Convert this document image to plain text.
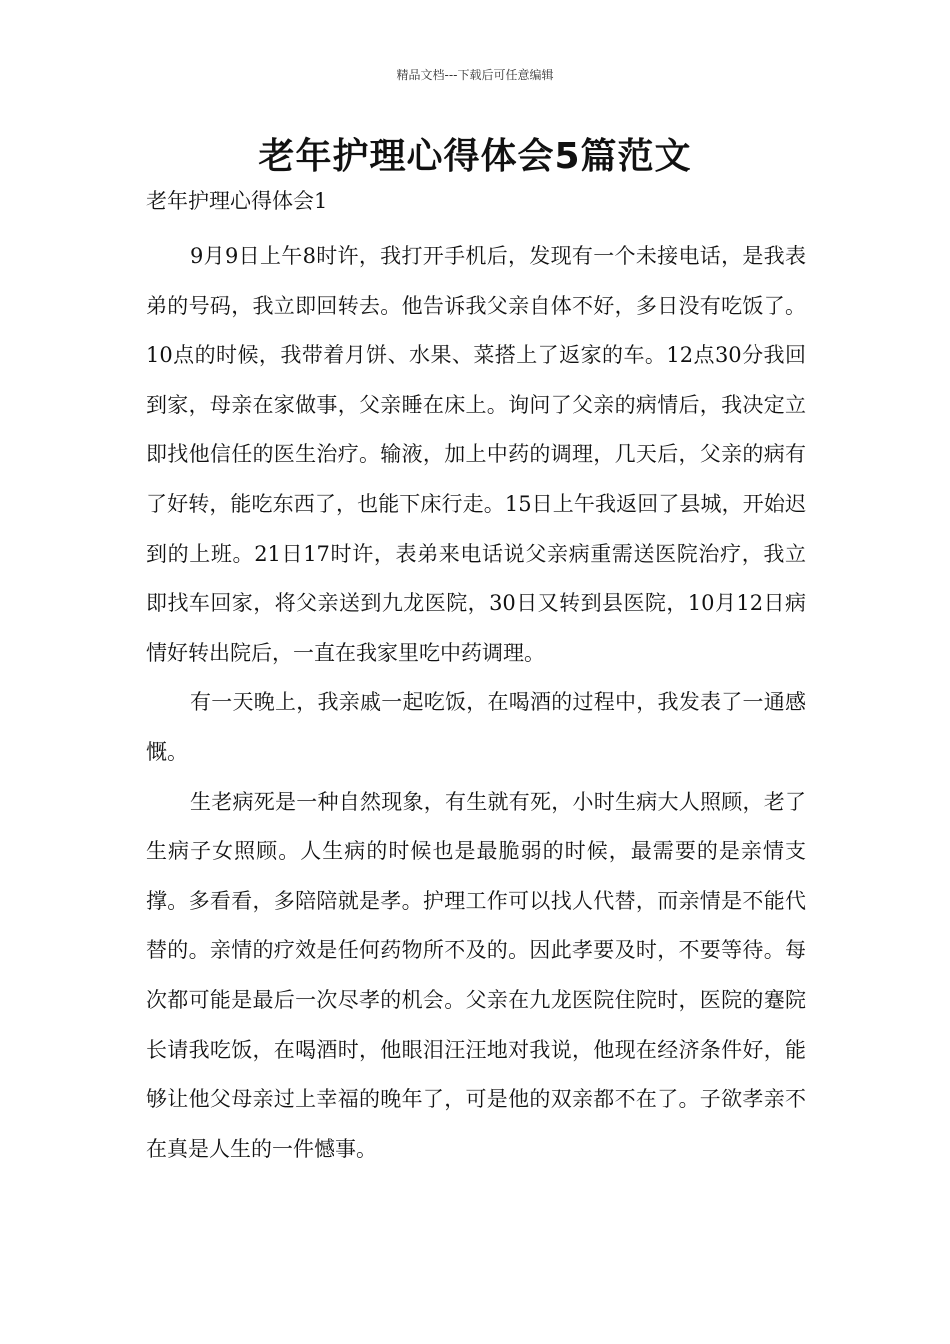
精品文档---下载后可任意编辑
老年护理心得体会5篇范文
老年护理心得体会1

9月9日上午8时许，我打开手机后，发现有一个未接电话，是我表弟的号码，我立即回转去。他告诉我父亲自体不好，多日没有吃饭了。10点的时候，我带着月饼、水果、菜搭上了返家的车。12点30分我回到家，母亲在家做事，父亲睡在床上。询问了父亲的病情后，我决定立即找他信任的医生治疗。输液，加上中药的调理，几天后，父亲的病有了好转，能吃东西了，也能下床行走。15日上午我返回了县城，开始迟到的上班。21日17时许，表弟来电话说父亲病重需送医院治疗，我立即找车回家，将父亲送到九龙医院，30日又转到县医院，10月12日病情好转出院后，一直在我家里吃中药调理。

有一天晚上，我亲戚一起吃饭，在喝酒的过程中，我发表了一通感慨。

生老病死是一种自然现象，有生就有死，小时生病大人照顾，老了生病子女照顾。人生病的时候也是最脆弱的时候，最需要的是亲情支撑。多看看，多陪陪就是孝。护理工作可以找人代替，而亲情是不能代替的。亲情的疗效是任何药物所不及的。因此孝要及时，不要等待。每次都可能是最后一次尽孝的机会。父亲在九龙医院住院时，医院的蹇院长请我吃饭，在喝酒时，他眼泪汪汪地对我说，他现在经济条件好，能够让他父母亲过上幸福的晚年了，可是他的双亲都不在了。子欲孝亲不在真是人生的一件憾事。
